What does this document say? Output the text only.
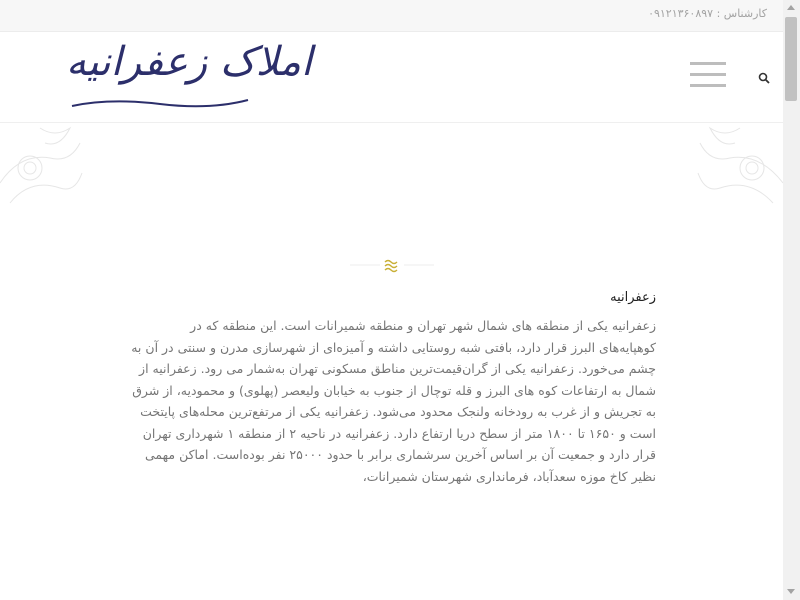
کارشناس : ۰۹۱۲۱۳۶۰۸۹۷
املاک زعفرانیه
زعفرانیه

زعفرانیه یکی از منطقه های شمال شهر تهران و منطقه شمیرانات است. این منطقه که در کوهپایه‌های البرز قرار دارد، بافتی شبه روستایی داشته و آمیزه‌ای از شهرسازی مدرن و سنتی در آن به چشم می‌خورد. زعفرانیه یکی از گران‌قیمت‌ترین مناطق مسکونی تهران به‌شمار می رود. زعفرانیه از شمال به ارتفاعات کوه های البرز و قله توچال از جنوب به خیابان ولیعصر (پهلوی) و محمودیه، از شرق به تجریش و از غرب به رودخانه ولنجک محدود می‌شود. زعفرانیه یکی از مرتفع‌ترین محله‌های پایتخت است و ۱۶۵۰ تا ۱۸۰۰ متر از سطح دریا ارتفاع دارد. زعفرانیه در ناحیه ۲ از منطقه ۱ شهرداری تهران قرار دارد و جمعیت آن بر اساس آخرین سرشماری برابر با حدود ۲۵۰۰۰ نفر بوده‌است. اماکن مهمی نظیر کاخ موزه سعدآباد، فرمانداری شهرستان شمیرانات،
